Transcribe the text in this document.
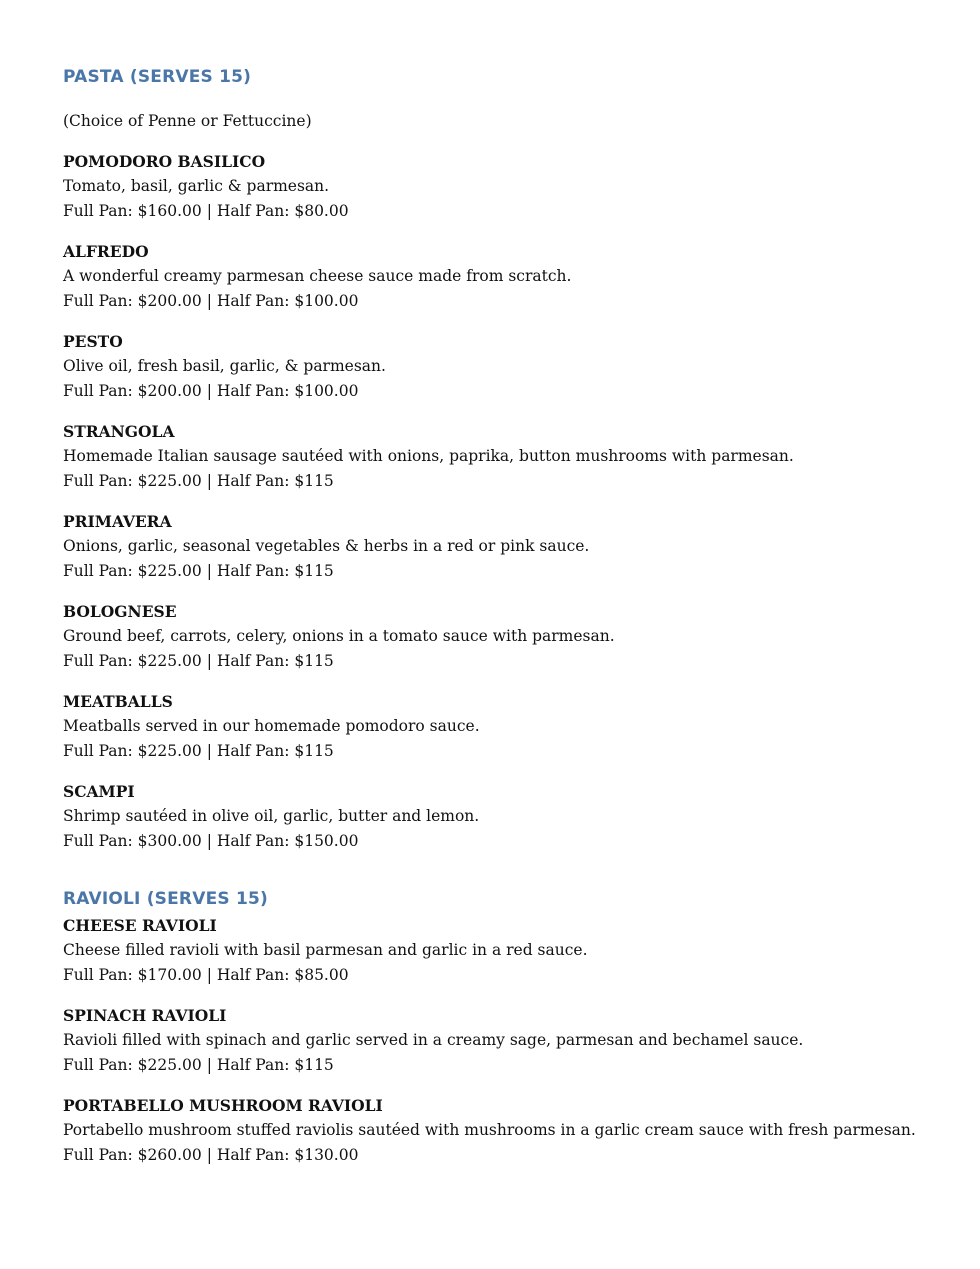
PASTA (SERVES 15)
(Choice of Penne or Fettuccine)
POMODORO BASILICO
Tomato, basil, garlic & parmesan.
Full Pan: $160.00 | Half Pan: $80.00
ALFREDO
A wonderful creamy parmesan cheese sauce made from scratch.
Full Pan: $200.00 | Half Pan: $100.00
PESTO
Olive oil, fresh basil, garlic, & parmesan.
Full Pan: $200.00 | Half Pan: $100.00
STRANGOLA
Homemade Italian sausage sautéed with onions, paprika, button mushrooms with parmesan.
Full Pan: $225.00 | Half Pan: $115
PRIMAVERA
Onions, garlic, seasonal vegetables & herbs in a red or pink sauce.
Full Pan: $225.00 | Half Pan: $115
BOLOGNESE
Ground beef, carrots, celery, onions in a tomato sauce with parmesan.
Full Pan: $225.00 | Half Pan: $115
MEATBALLS
Meatballs served in our homemade pomodoro sauce.
Full Pan: $225.00 | Half Pan: $115
SCAMPI
Shrimp sautéed in olive oil, garlic, butter and lemon.
Full Pan: $300.00 | Half Pan: $150.00
RAVIOLI (SERVES 15)
CHEESE RAVIOLI
Cheese filled ravioli with basil parmesan and garlic in a red sauce.
Full Pan: $170.00 | Half Pan: $85.00
SPINACH RAVIOLI
Ravioli filled with spinach and garlic served in a creamy sage, parmesan and bechamel sauce.
Full Pan: $225.00 | Half Pan: $115
PORTABELLO MUSHROOM RAVIOLI
Portabello mushroom stuffed raviolis sautéed with mushrooms in a garlic cream sauce with fresh parmesan.
Full Pan: $260.00 | Half Pan: $130.00
